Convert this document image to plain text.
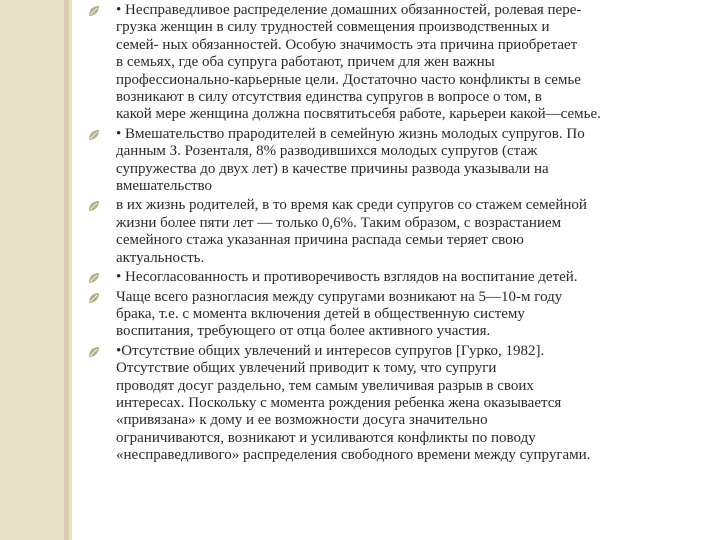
• Несправедливое распределение домашних обязанностей, ролевая пере-
грузка женщин в силу трудностей совмещения производственных и
семей- ных обязанностей. Особую значимость эта причина приобретает
в семьях, где оба супруга работают, причем для жен важны
профессионально-карьерные цели. Достаточно часто конфликты в семье
возникают в силу отсутствия единства супругов в вопросе о том, в
какой мере женщина должна посвятитьсебя работе, карьереи какой—семье.
• Вмешательство прародителей в семейную жизнь молодых супругов. По
данным З. Розенталя, 8% разводившихся молодых супругов (стаж
супружества до двух лет) в качестве причины развода указывали на
вмешательство
в их жизнь родителей, в то время как среди супругов со стажем семейной
жизни более пяти лет — только 0,6%. Таким образом, с возрастанием
семейного стажа указанная причина распада семьи теряет свою
актуальность.
• Несогласованность и противоречивость взглядов на воспитание детей.
Чаще всего разногласия между супругами возникают на 5—10-м году
брака, т.е. с момента включения детей в общественную систему
воспитания, требующего от отца более активного участия.
•Отсутствие общих увлечений и интересов супругов [Гурко, 1982].
Отсутствие общих увлечений приводит к тому, что супруги
проводят досуг раздельно, тем самым увеличивая разрыв в своих
интересах. Поскольку с момента рождения ребенка жена оказывается
«привязана» к дому и ее возможности досуга значительно
ограничиваются, возникают и усиливаются конфликты по поводу
«несправедливого» распределения свободного времени между супругами.
